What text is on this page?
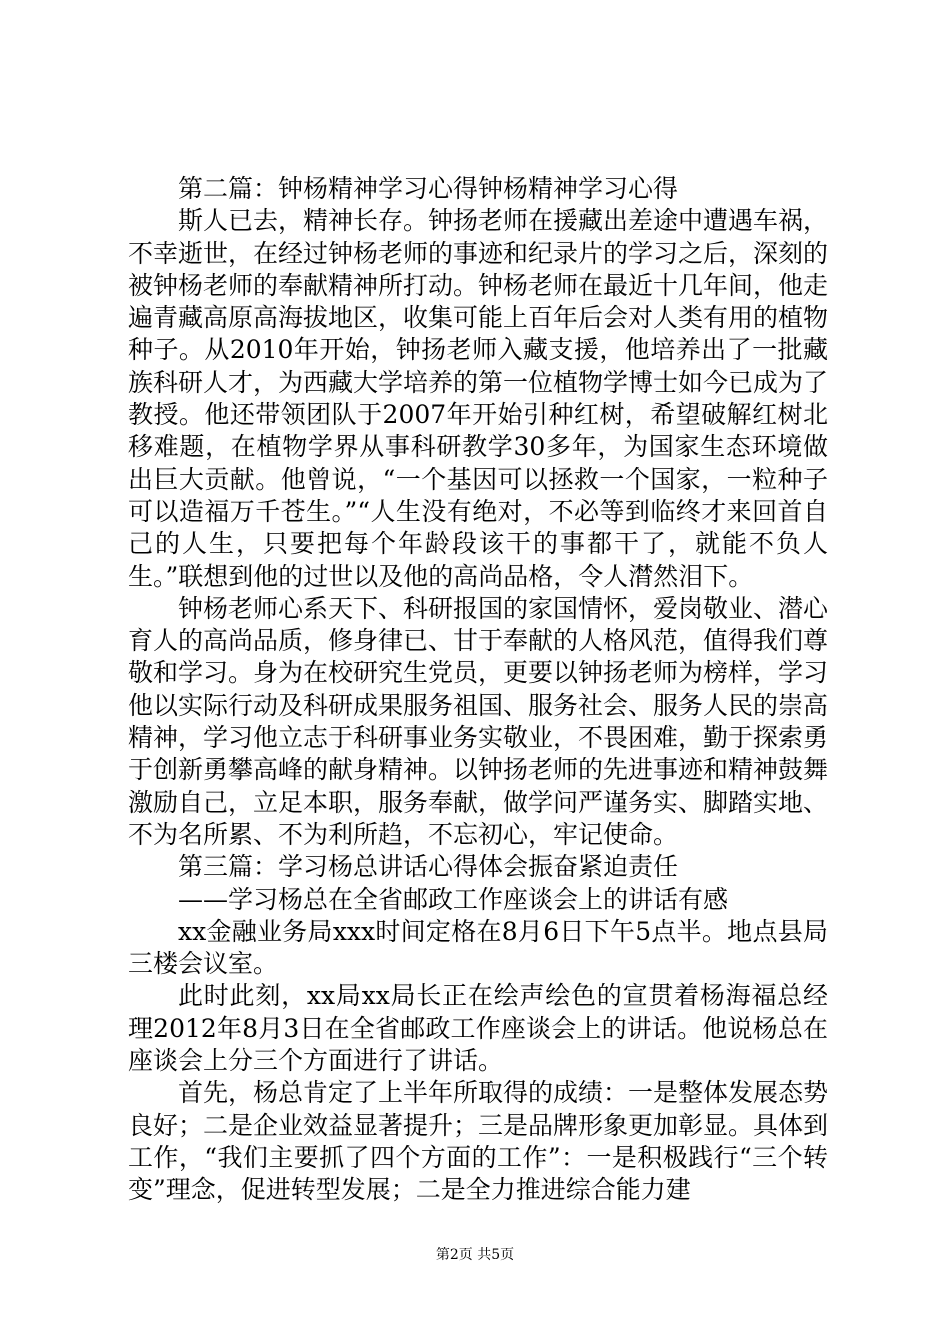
第二篇：钟杨精神学习心得钟杨精神学习心得

斯人已去，精神长存。钟扬老师在援藏出差途中遭遇车祸，不幸逝世，在经过钟杨老师的事迹和纪录片的学习之后，深刻的被钟杨老师的奉献精神所打动。钟杨老师在最近十几年间，他走遍青藏高原高海拔地区，收集可能上百年后会对人类有用的植物种子。从2010年开始，钟扬老师入藏支援，他培养出了一批藏族科研人才，为西藏大学培养的第一位植物学博士如今已成为了教授。他还带领团队于2007年开始引种红树，希望破解红树北移难题，在植物学界从事科研教学30多年，为国家生态环境做出巨大贡献。他曾说，“一个基因可以拯救一个国家，一粒种子可以造福万千苍生。”“人生没有绝对，不必等到临终才来回首自己的人生，只要把每个年龄段该干的事都干了，就能不负人生。”联想到他的过世以及他的高尚品格，令人潸然泪下。

钟杨老师心系天下、科研报国的家国情怀，爱岗敬业、潜心育人的高尚品质，修身律已、甘于奉献的人格风范，值得我们尊敬和学习。身为在校研究生党员，更要以钟扬老师为榜样，学习他以实际行动及科研成果服务祖国、服务社会、服务人民的崇高精神，学习他立志于科研事业务实敬业，不畏困难，勤于探索勇于创新勇攀高峰的献身精神。以钟扬老师的先进事迹和精神鼓舞激励自己，立足本职，服务奉献，做学问严谨务实、脚踏实地、不为名所累、不为利所趋，不忘初心，牢记使命。

第三篇：学习杨总讲话心得体会振奋紧迫责任

——学习杨总在全省邮政工作座谈会上的讲话有感

xx金融业务局xxx时间定格在8月6日下午5点半。地点县局三楼会议室。

此时此刻，xx局xx局长正在绘声绘色的宣贯着杨海福总经理2012年8月3日在全省邮政工作座谈会上的讲话。他说杨总在座谈会上分三个方面进行了讲话。

首先，杨总肯定了上半年所取得的成绩：一是整体发展态势良好；二是企业效益显著提升；三是品牌形象更加彰显。具体到工作，“我们主要抓了四个方面的工作”：一是积极践行“三个转变”理念，促进转型发展；二是全力推进综合能力建

第2页 共5页
